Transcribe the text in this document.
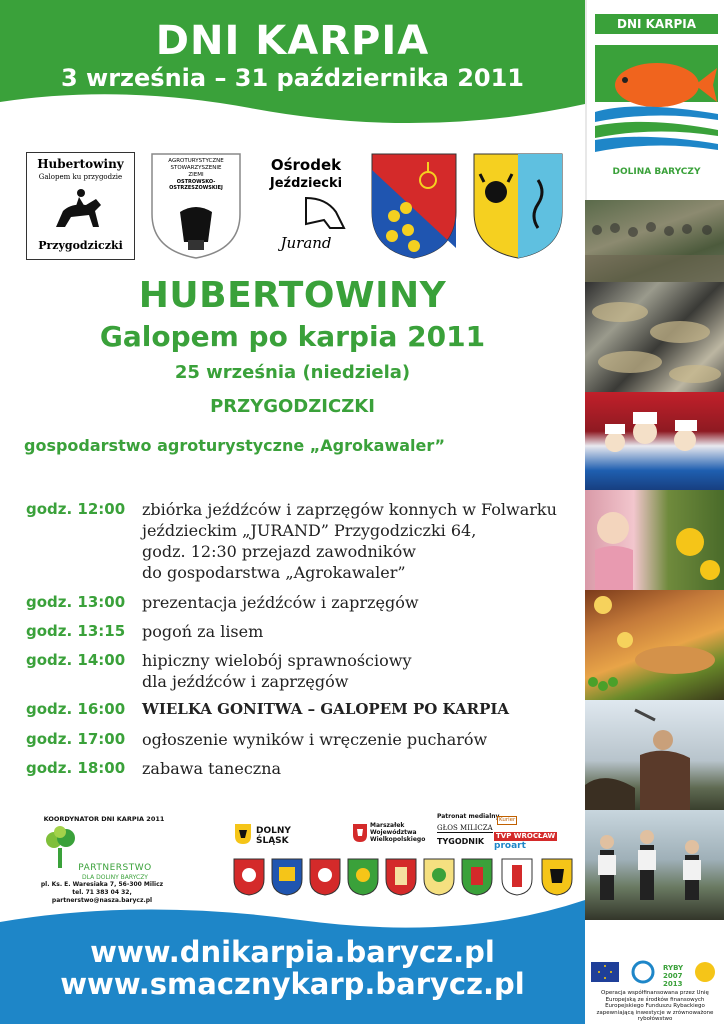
DNI KARPIA
3 września – 31 października 2011
DNI KARPIA
DOLINA BARYCZY
RYBY
2007
2013
Operacja współfinansowana przez Unię Europejską ze środków finansowych Europejskiego Funduszu Rybackiego zapewniającą inwestycje w zrównoważone rybołówstwo
Hubertowiny
Galopem ku przygodzie
Przygodziczki
AGROTURYSTYCZNE
STOWARZYSZENIE
ZIEMI
OSTROWSKO-OSTRZESZOWSKIEJ
Ośrodek
Jeździecki
Jurand
HUBERTOWINY
Galopem po karpia 2011
25 września (niedziela)
PRZYGODZICZKI
gospodarstwo agroturystyczne „Agrokawaler”
godz. 12:00	zbiórka jeźdźców i zaprzęgów konnych w Folwarku
jeździeckim „JURAND” Przygodziczki 64,
godz. 12:30 przejazd zawodników
do gospodarstwa „Agrokawaler”
godz. 13:00	prezentacja jeźdźców i zaprzęgów
godz. 13:15	pogoń za lisem
godz. 14:00	hipiczny wielobój sprawnościowy
dla jeźdźców i zaprzęgów
godz. 16:00	WIELKA GONITWA – GALOPEM PO KARPIA
godz. 17:00	ogłoszenie wyników i wręczenie pucharów
godz. 18:00	zabawa taneczna
KOORDYNATOR DNI KARPIA 2011
PARTNERSTWO
DLA DOLINY BARYCZY
pl. Ks. E. Waresiaka 7, 56-300 Milicz
tel. 71 383 04 32, partnerstwo@nasza.barycz.pl
DOLNY ŚLĄSK
Marszałek Województwa Wielkopolskiego
Patronat medialny Kurier
GŁOS MILICZA
TYGODNIK
TVP WROCŁAW
proart
www.dnikarpia.barycz.pl
www.smacznykarp.barycz.pl
